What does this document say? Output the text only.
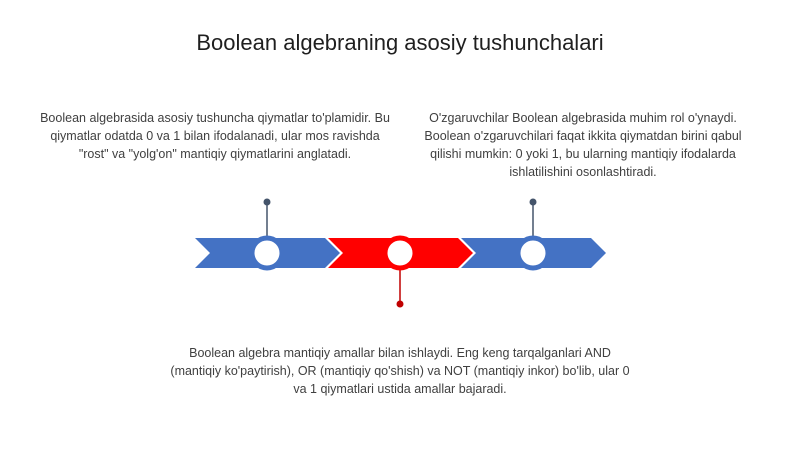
Boolean algebraning asosiy tushunchalari
Boolean algebrasida asosiy tushuncha qiymatlar to'plamidir. Bu qiymatlar odatda 0 va 1 bilan ifodalanadi, ular mos ravishda "rost" va "yolg'on" mantiqiy qiymatlarini anglatadi.
O'zgaruvchilar Boolean algebrasida muhim rol o'ynaydi. Boolean o'zgaruvchilari faqat ikkita qiymatdan birini qabul qilishi mumkin: 0 yoki 1, bu ularning mantiqiy ifodalarda ishlatilishini osonlashtiradi.
Boolean algebra mantiqiy amallar bilan ishlaydi. Eng keng tarqalganlari AND (mantiqiy ko'paytirish), OR (mantiqiy qo'shish) va NOT (mantiqiy inkor) bo'lib, ular 0 va 1 qiymatlari ustida amallar bajaradi.
